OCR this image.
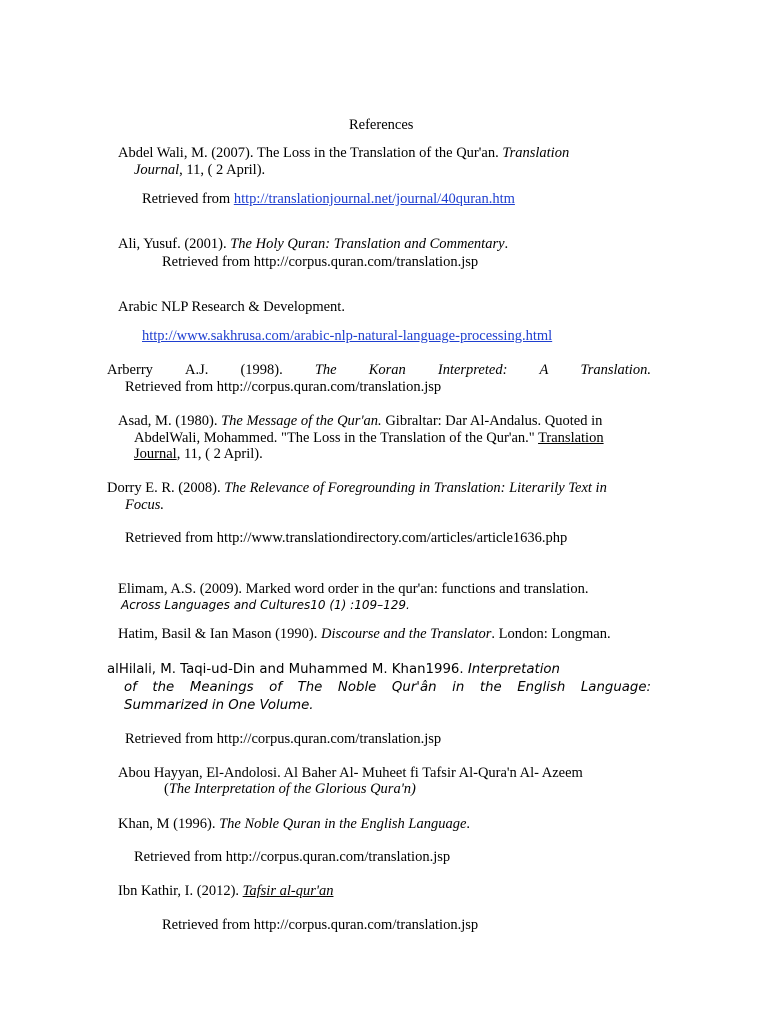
References
Abdel Wali, M. (2007). The Loss in the Translation of the Qur'an. Translation
Journal, 11, ( 2 April).
Retrieved from http://translationjournal.net/journal/40quran.htm
Ali, Yusuf. (2001). The Holy Quran: Translation and Commentary.
Retrieved from http://corpus.quran.com/translation.jsp
Arabic NLP Research & Development.
http://www.sakhrusa.com/arabic-nlp-natural-language-processing.html
Arberry A.J. (1998). The Koran Interpreted: A Translation.
Retrieved from http://corpus.quran.com/translation.jsp
Asad, M. (1980). The Message of the Qur'an. Gibraltar: Dar Al-Andalus. Quoted in
AbdelWali, Mohammed. "The Loss in the Translation of the Qur'an." Translation
Journal, 11, ( 2 April).
Dorry E. R. (2008). The Relevance of Foregrounding in Translation: Literarily Text in
Focus.
Retrieved from http://www.translationdirectory.com/articles/article1636.php
Elimam, A.S. (2009). Marked word order in the qur'an: functions and translation.
Across Languages and Cultures10 (1) :109–129.
Hatim, Basil & Ian Mason (1990). Discourse and the Translator. London: Longman.
alHilali, M. Taqi-ud-Din and Muhammed M. Khan1996. Interpretation
of the Meanings of The Noble Qur'ân in the English Language:
Summarized in One Volume.
Retrieved from http://corpus.quran.com/translation.jsp
Abou Hayyan, El-Andolosi. Al Baher Al- Muheet fi Tafsir Al-Qura'n Al- Azeem
(The Interpretation of the Glorious Qura'n)
Khan, M (1996). The Noble Quran in the English Language.
Retrieved from http://corpus.quran.com/translation.jsp
Ibn Kathir, I. (2012). Tafsir al-qur'an
Retrieved from http://corpus.quran.com/translation.jsp
